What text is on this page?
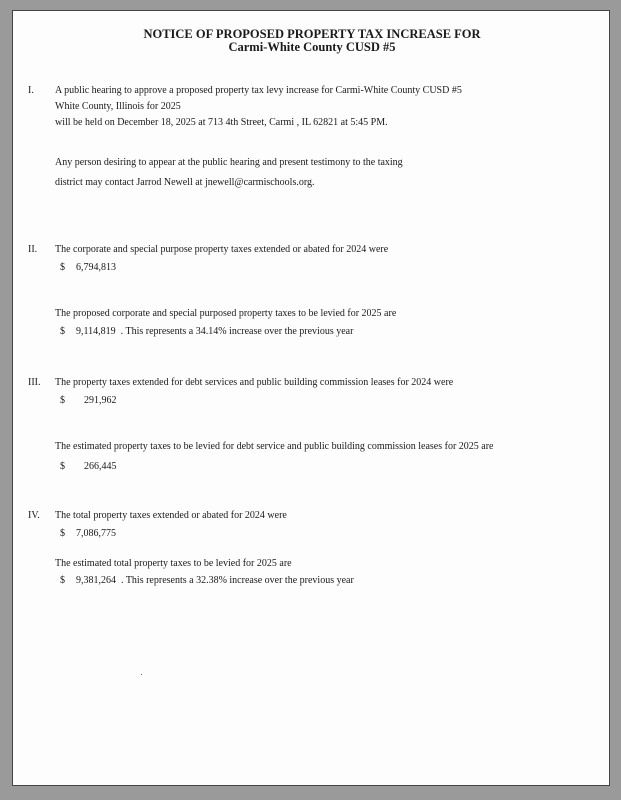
NOTICE OF PROPOSED PROPERTY TAX INCREASE FOR
Carmi-White County CUSD #5
I. A public hearing to approve a proposed property tax levy increase for Carmi-White County CUSD #5
White County, Illinois for 2025
will be held on December 18, 2025 at 713 4th Street, Carmi , IL 62821 at 5:45 PM.
Any person desiring to appear at the public hearing and present testimony to the taxing
district may contact Jarrod Newell at jnewell@carmischools.org.
II. The corporate and special purpose property taxes extended or abated for 2024 were
$ 6,794,813
The proposed corporate and special purposed property taxes to be levied for 2025 are
$ 9,114,819 . This represents a 34.14% increase over the previous year
III. The property taxes extended for debt services and public building commission leases for 2024 were
$ 291,962
The estimated property taxes to be levied for debt service and public building commission leases for 2025 are
$ 266,445
IV. The total property taxes extended or abated for 2024 were
$ 7,086,775
The estimated total property taxes to be levied for 2025 are
$ 9,381,264 . This represents a 32.38% increase over the previous year
